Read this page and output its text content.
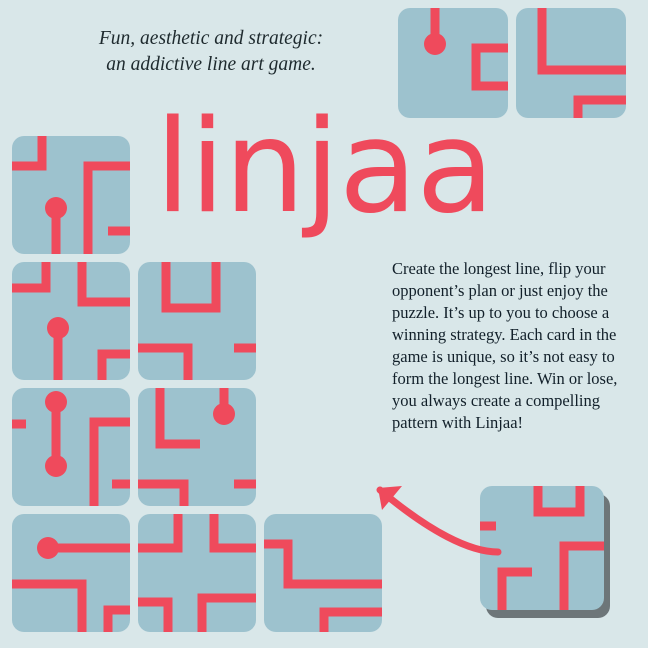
Fun, aesthetic and strategic:
an addictive line art game.
linjaa
Create the longest line, flip your opponent’s plan or just enjoy the puzzle. It’s up to you to choose a winning strategy. Each card in the game is unique, so it’s not easy to form the longest line. Win or lose, you always create a compelling pattern with Linjaa!
